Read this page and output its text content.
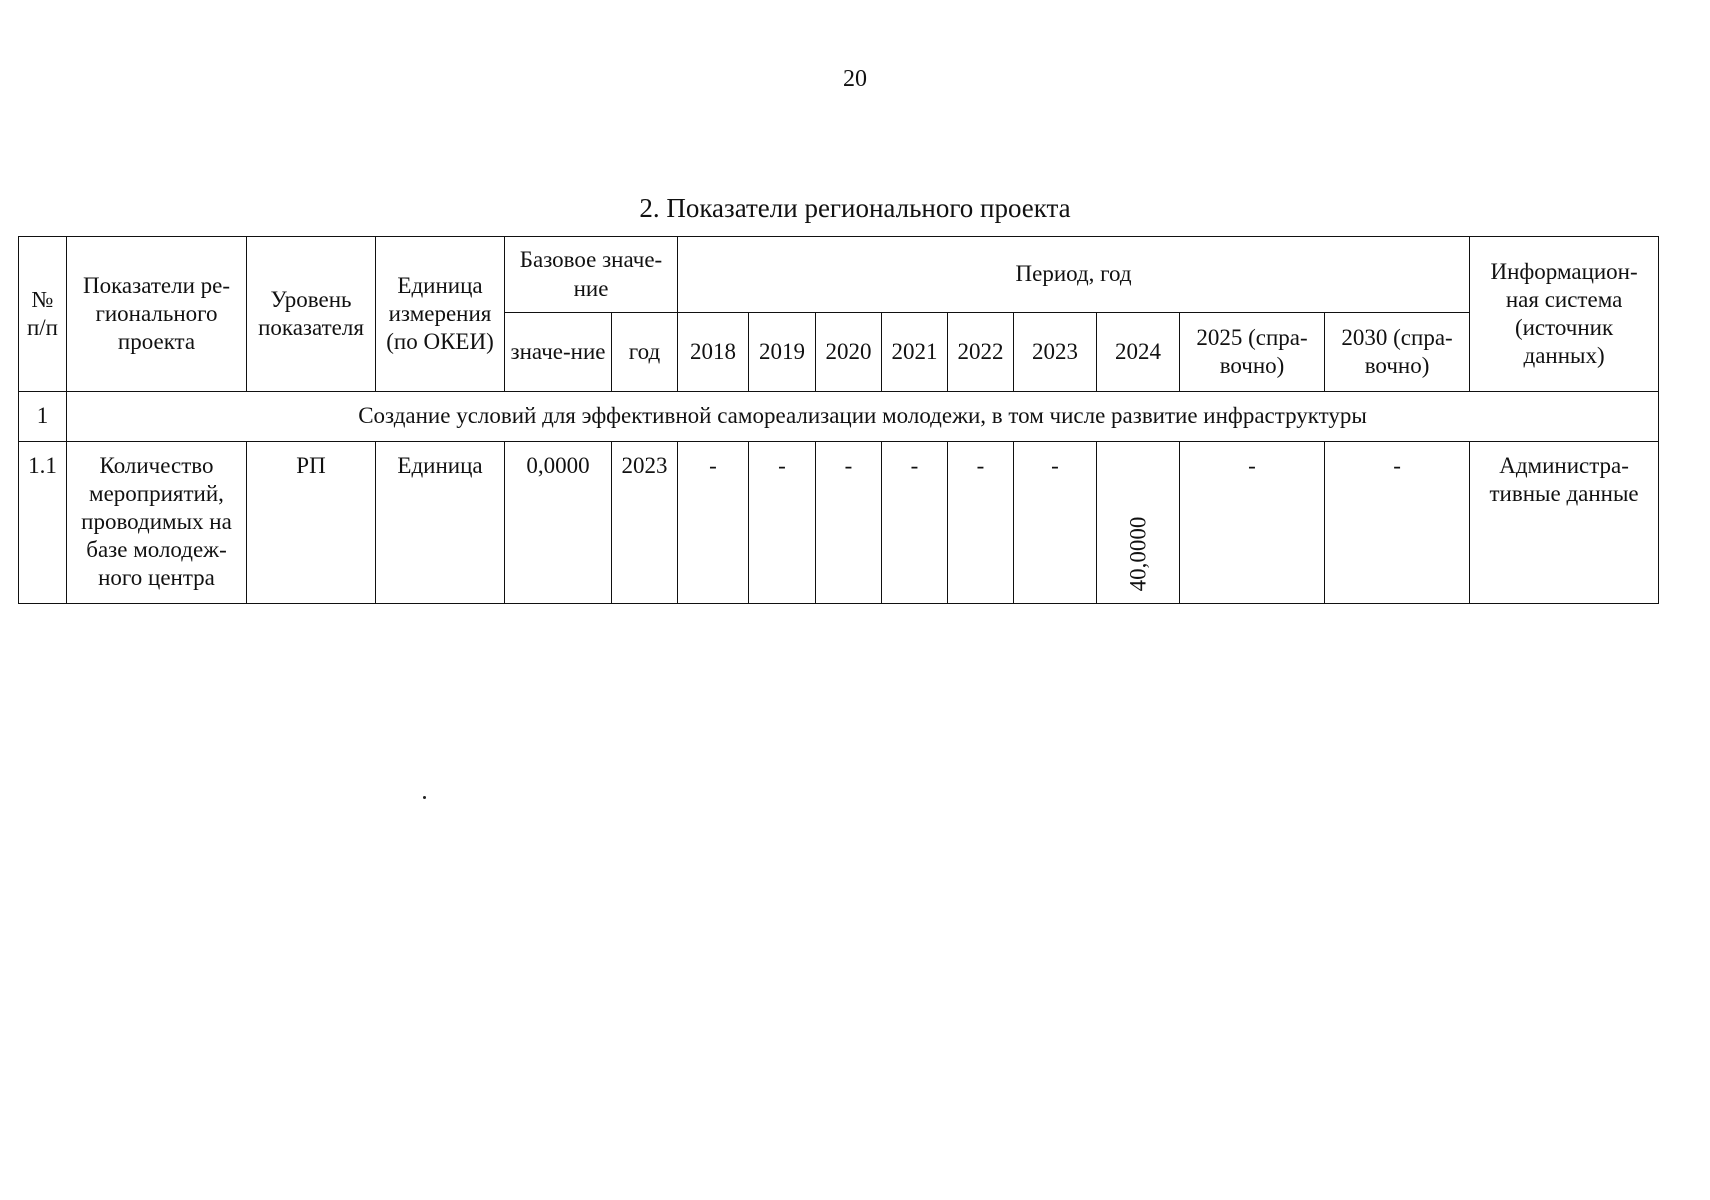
20
2. Показатели регионального проекта
№ п/п	Показатели ре-гионального проекта	Уровень показателя	Единица измерения (по ОКЕИ)	Базовое значе-ние		Период, год									Информацион-ная система (источник данных)
				значе-ние	год	2018	2019	2020	2021	2022	2023	2024	2025 (спра-вочно)	2030 (спра-вочно)	
1	Создание условий для эффективной самореализации молодежи, в том числе развитие инфраструктуры														
1.1	Количество мероприятий, проводимых на базе молодеж-ного центра	РП	Единица	0,0000	2023	-	-	-	-	-	-	40,0000	-	-	Администра-тивные данные
